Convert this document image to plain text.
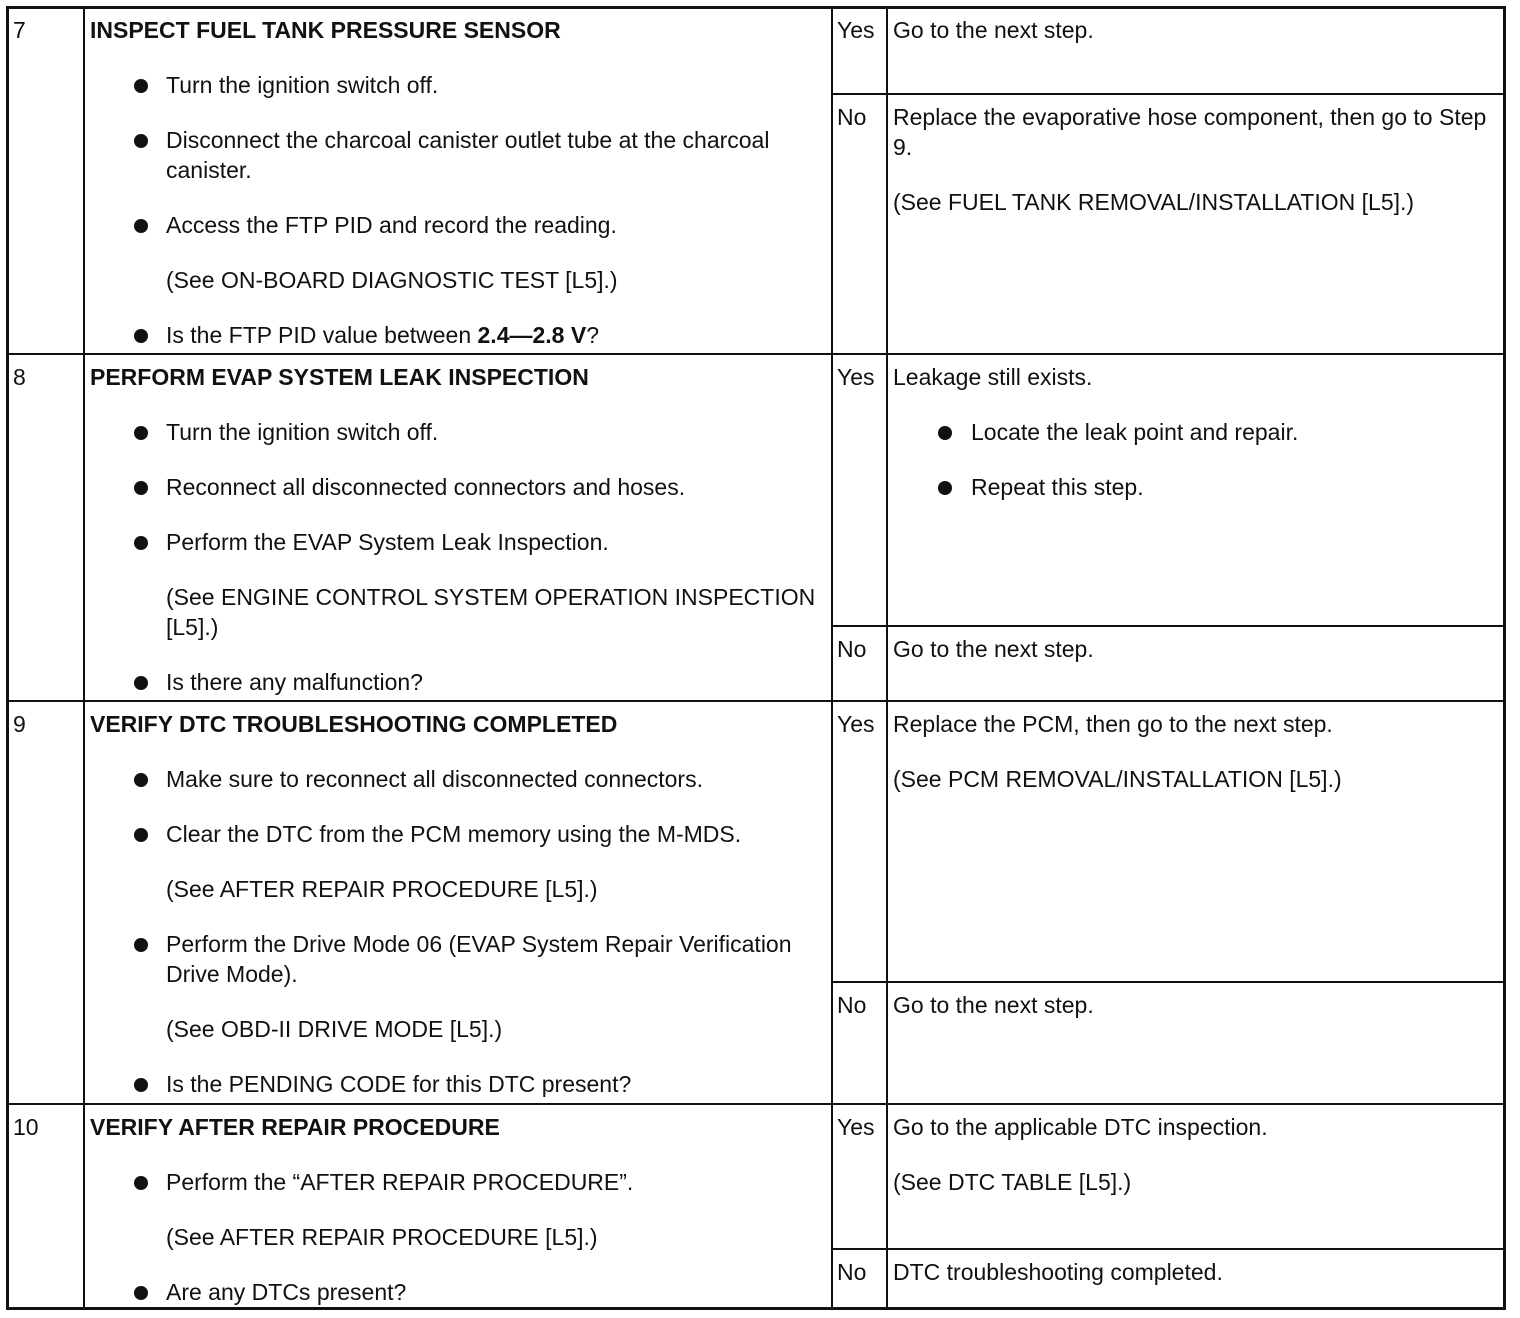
7	INSPECT FUEL TANK PRESSURE SENSOR
Turn the ignition switch off.
Disconnect the charcoal canister outlet tube at the charcoal canister.
Access the FTP PID and record the reading.

(See ON-BOARD DIAGNOSTIC TEST [L5].)

Is the FTP PID value between 2.4—2.8 V?
Yes Go to the next step.
No	Replace the evaporative hose component, then go to Step 9.

(See FUEL TANK REMOVAL/INSTALLATION [L5].)

8	PERFORM EVAP SYSTEM LEAK INSPECTION
Turn the ignition switch off.
Reconnect all disconnected connectors and hoses.
Perform the EVAP System Leak Inspection.

(See ENGINE CONTROL SYSTEM OPERATION INSPECTION [L5].)

Is there any malfunction?
Yes Leakage still exists.

Locate the leak point and repair.
Repeat this step.
No	Go to the next step.
9	VERIFY DTC TROUBLESHOOTING COMPLETED
Make sure to reconnect all disconnected connectors.
Clear the DTC from the PCM memory using the M-MDS.

(See AFTER REPAIR PROCEDURE [L5].)

Perform the Drive Mode 06 (EVAP System Repair Verification Drive Mode).

(See OBD-II DRIVE MODE [L5].)

Is the PENDING CODE for this DTC present?
Yes Replace the PCM, then go to the next step.

(See PCM REMOVAL/INSTALLATION [L5].)

No	Go to the next step.
10	VERIFY AFTER REPAIR PROCEDURE
Perform the “AFTER REPAIR PROCEDURE”.

(See AFTER REPAIR PROCEDURE [L5].)

Are any DTCs present?
Yes Go to the applicable DTC inspection.

(See DTC TABLE [L5].)

No	DTC troubleshooting completed.
